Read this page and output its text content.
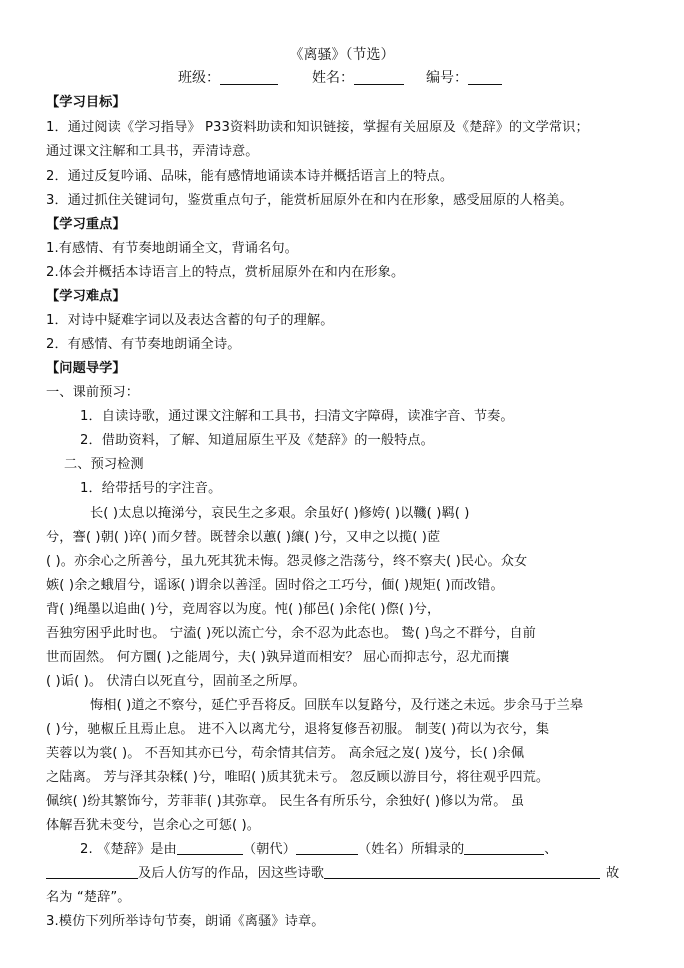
《离骚》（节选）
班级：	姓名：	编号：
【学习目标】
1．通过阅读《学习指导》 P33资料助读和知识链接，掌握有关屈原及《楚辞》的文学常识；
通过课文注解和工具书，弄清诗意。
2．通过反复吟诵、品味，能有感情地诵读本诗并概括语言上的特点。
3．通过抓住关键词句，鉴赏重点句子，能赏析屈原外在和内在形象，感受屈原的人格美。
【学习重点】
1.有感情、有节奏地朗诵全文，背诵名句。
2.体会并概括本诗语言上的特点，赏析屈原外在和内在形象。
【学习难点】
1．对诗中疑难字词以及表达含蓄的句子的理解。
2．有感情、有节奏地朗诵全诗。
【问题导学】
一、课前预习：
1．自读诗歌，通过课文注解和工具书，扫清文字障碍，读准字音、节奏。
2．借助资料，了解、知道屈原生平及《楚辞》的一般特点。
二、预习检测
1．给带括号的字注音。
长( )太息以掩涕兮，哀民生之多艰。余虽好( )修姱( )以鞿( )羁( )
兮，謇( )朝( )谇( )而夕替。既替余以蕙( )纕( )兮，又申之以揽( )茝
( )。亦余心之所善兮，虽九死其犹未悔。怨灵修之浩荡兮，终不察夫( )民心。众女
嫉( )余之蛾眉兮，谣诼( )谓余以善淫。固时俗之工巧兮，偭( )规矩( )而改错。
背( )绳墨以追曲( )兮，竞周容以为度。忳( )郁邑( )余侘( )傺( )兮，
吾独穷困乎此时也。 宁溘( )死以流亡兮，余不忍为此态也。 鸷( )鸟之不群兮，自前
世而固然。 何方圜( )之能周兮，夫( )孰异道而相安？ 屈心而抑志兮，忍尤而攘
( )诟( )。 伏清白以死直兮，固前圣之所厚。
悔相( )道之不察兮，延伫乎吾将反。回朕车以复路兮，及行迷之未远。步余马于兰皋
( )兮，驰椒丘且焉止息。 进不入以离尤兮，退将复修吾初服。 制芰( )荷以为衣兮，集
芙蓉以为裳( )。 不吾知其亦已兮，苟余情其信芳。 高余冠之岌( )岌兮，长( )余佩
之陆离。 芳与泽其杂糅( )兮，唯昭( )质其犹未亏。 忽反顾以游目兮，将往观乎四荒。
佩缤( )纷其繁饰兮，芳菲菲( )其弥章。 民生各有所乐兮，余独好( )修以为常。 虽
体解吾犹未变兮，岂余心之可惩( )。
2. 《楚辞》是由	（朝代）	（姓名）所辑录的	、
及后人仿写的作品，因这些诗歌	故
名为 “楚辞”。
3.模仿下列所举诗句节奏，朗诵《离骚》诗章。
